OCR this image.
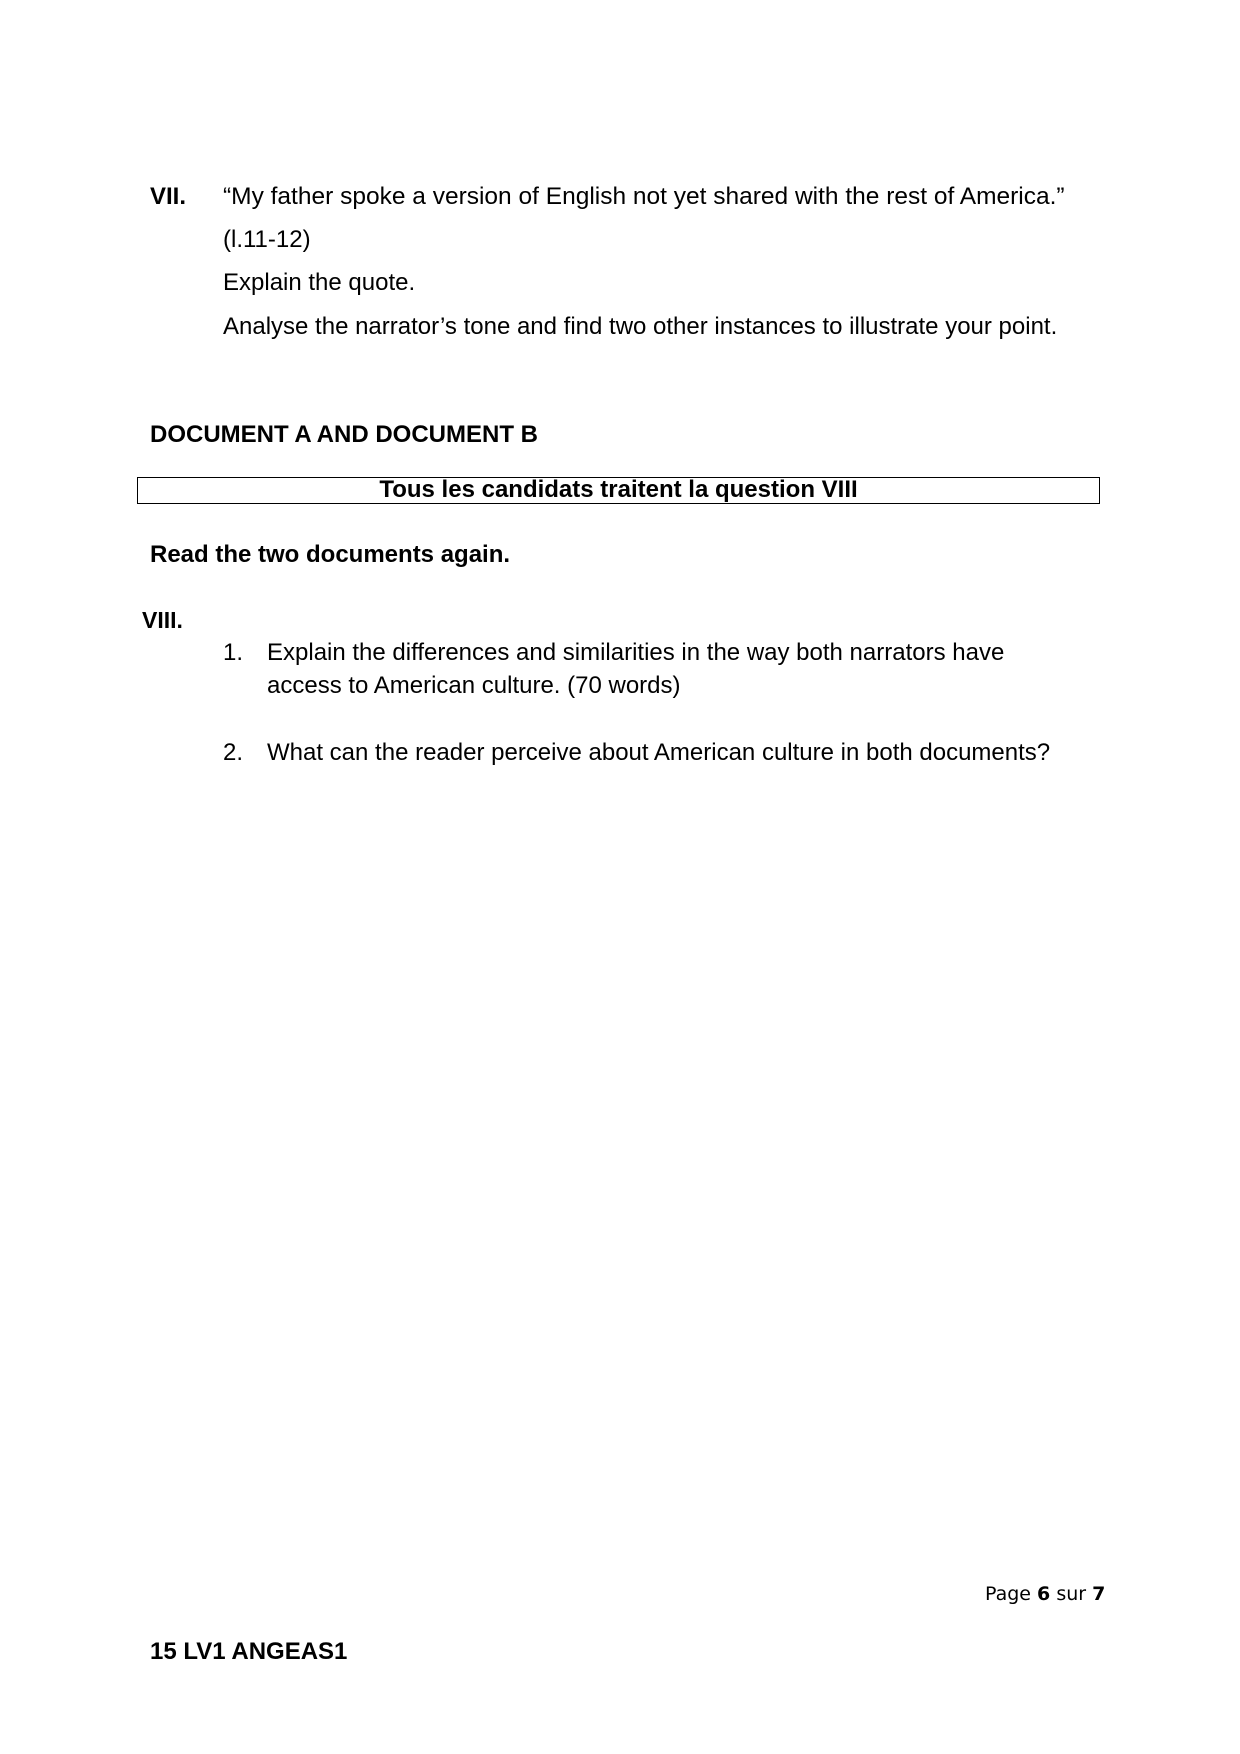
VII. “My father spoke a version of English not yet shared with the rest of America.”
(l.11-12)
Explain the quote.
Analyse the narrator’s tone and find two other instances to illustrate your point.
DOCUMENT A AND DOCUMENT B
Tous les candidats traitent la question VIII
Read the two documents again.
VIII.
1. Explain the differences and similarities in the way both narrators have
access to American culture. (70 words)
2. What can the reader perceive about American culture in both documents?
Page 6 sur 7
15 LV1 ANGEAS1
